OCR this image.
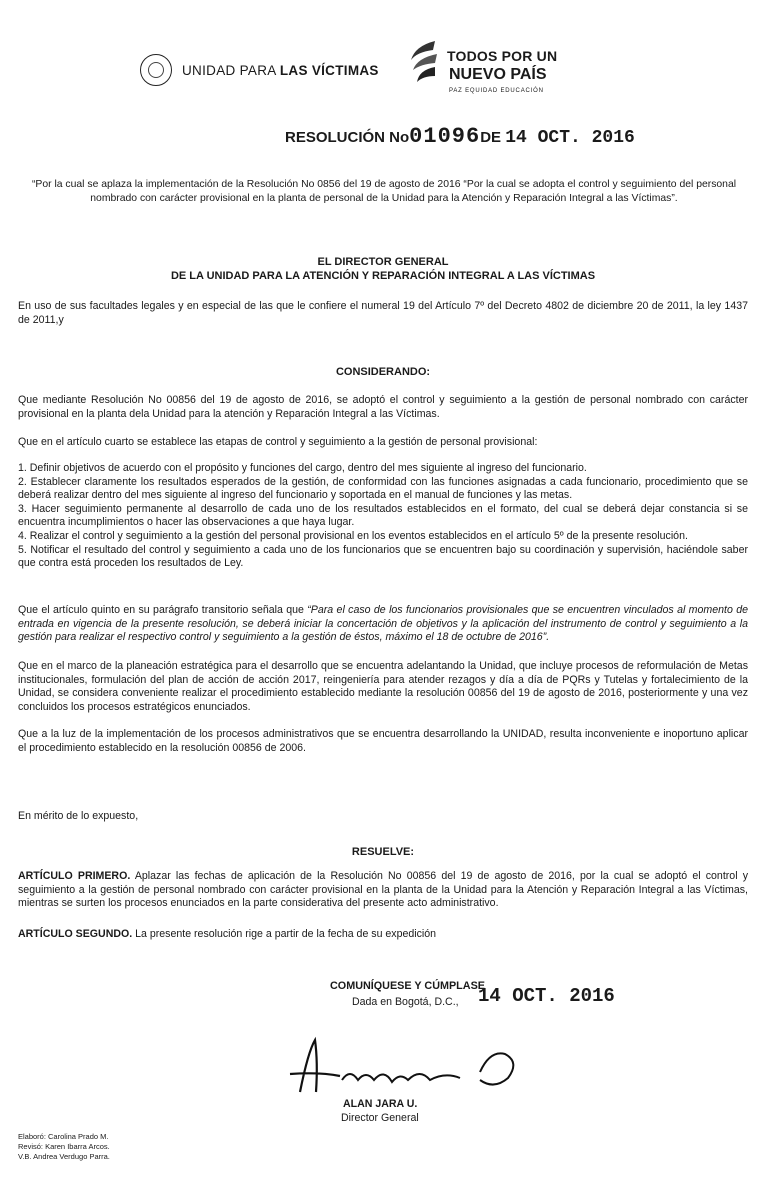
UNIDAD PARA LAS VÍCTIMAS
TODOS POR UN
NUEVO PAÍS
PAZ EQUIDAD EDUCACIÓN
RESOLUCIÓN No01096DE 14 OCT. 2016
“Por la cual se aplaza la implementación de la Resolución No 0856 del 19 de agosto de 2016 “Por la cual se adopta el control y seguimiento del personal nombrado con carácter provisional en la planta de personal de la Unidad para la Atención y Reparación Integral a las Víctimas”.
EL DIRECTOR GENERAL
DE LA UNIDAD PARA LA ATENCIÓN Y REPARACIÓN INTEGRAL A LAS VÍCTIMAS
En uso de sus facultades legales y en especial de las que le confiere el numeral 19 del Artículo 7º del Decreto 4802 de diciembre 20 de 2011, la ley 1437 de 2011,y
CONSIDERANDO:
Que mediante Resolución No 00856 del 19 de agosto de 2016, se adoptó el control y seguimiento a la gestión de personal nombrado con carácter provisional en la planta dela Unidad para la atención y Reparación Integral a las Víctimas.
Que en el artículo cuarto se establece las etapas de control y seguimiento a la gestión de personal provisional:
1. Definir objetivos de acuerdo con el propósito y funciones del cargo, dentro del mes siguiente al ingreso del funcionario.
2. Establecer claramente los resultados esperados de la gestión, de conformidad con las funciones asignadas a cada funcionario, procedimiento que se deberá realizar dentro del mes siguiente al ingreso del funcionario y soportada en el manual de funciones y las metas.
3. Hacer seguimiento permanente al desarrollo de cada uno de los resultados establecidos en el formato, del cual se deberá dejar constancia si se encuentra incumplimientos o hacer las observaciones a que haya lugar.
4. Realizar el control y seguimiento a la gestión del personal provisional en los eventos establecidos en el artículo 5º de la presente resolución.
5. Notificar el resultado del control y seguimiento a cada uno de los funcionarios que se encuentren bajo su coordinación y supervisión, haciéndole saber que contra está proceden los resultados de Ley.
Que el artículo quinto en su parágrafo transitorio señala que “Para el caso de los funcionarios provisionales que se encuentren vinculados al momento de entrada en vigencia de la presente resolución, se deberá iniciar la concertación de objetivos y la aplicación del instrumento de control y seguimiento a la gestión para realizar el respectivo control y seguimiento a la gestión de éstos, máximo el 18 de octubre de 2016”.
Que en el marco de la planeación estratégica para el desarrollo que se encuentra adelantando la Unidad, que incluye procesos de reformulación de Metas institucionales, formulación del plan de acción de acción 2017, reingeniería para atender rezagos y día a día de PQRs y Tutelas y fortalecimiento de la Unidad, se considera conveniente realizar el procedimiento establecido mediante la resolución 00856 del 19 de agosto de 2016, posteriormente y una vez concluidos los procesos estratégicos enunciados.
Que a la luz de la implementación de los procesos administrativos que se encuentra desarrollando la UNIDAD, resulta inconveniente e inoportuno aplicar el procedimiento establecido en la resolución 00856 de 2006.
En mérito de lo expuesto,
RESUELVE:
ARTÍCULO PRIMERO. Aplazar las fechas de aplicación de la Resolución No 00856 del 19 de agosto de 2016, por la cual se adoptó el control y seguimiento a la gestión de personal nombrado con carácter provisional en la planta de la Unidad para la Atención y Reparación Integral a las Víctimas, mientras se surten los procesos enunciados en la parte considerativa del presente acto administrativo.
ARTÍCULO SEGUNDO. La presente resolución rige a partir de la fecha de su expedición
COMUNÍQUESE Y CÚMPLASE
Dada en Bogotá, D.C., 14 OCT. 2016
ALAN JARA U.
Director General
Elaboró: Carolina Prado M.
Revisó: Karen Ibarra Arcos.
V.B. Andrea Verdugo Parra.
